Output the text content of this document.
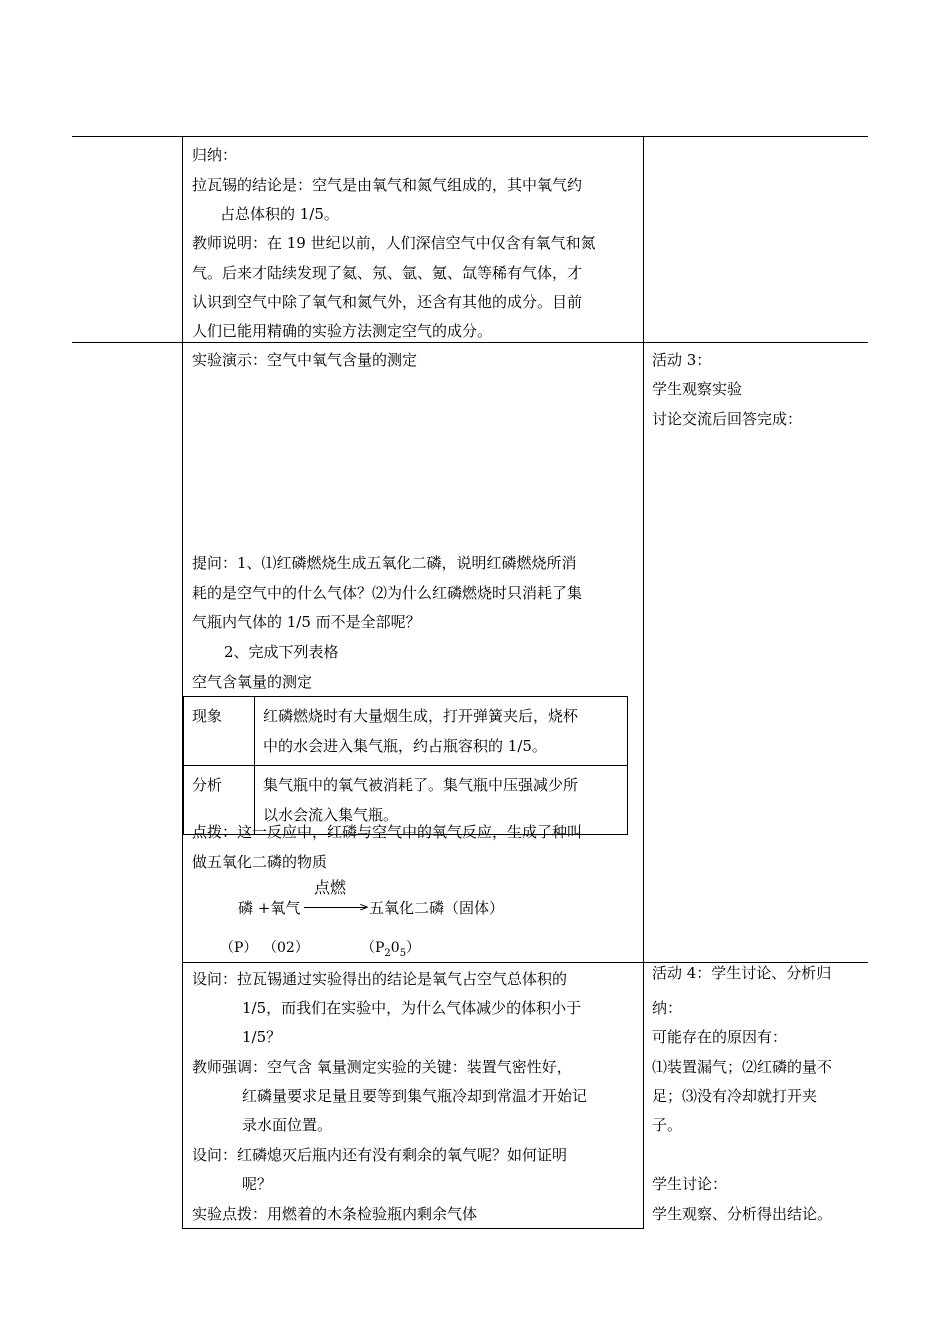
归纳：
拉瓦锡的结论是：空气是由氧气和氮气组成的，其中氧气约
占总体积的 1/5。
教师说明：在 19 世纪以前，人们深信空气中仅含有氧气和氮
气。后来才陆续发现了氦、氖、氩、氪、氙等稀有气体，才
认识到空气中除了氧气和氮气外，还含有其他的成分。目前
人们已能用精确的实验方法测定空气的成分。
实验演示：空气中氧气含量的测定
提问：1、⑴红磷燃烧生成五氧化二磷，说明红磷燃烧所消
耗的是空气中的什么气体？⑵为什么红磷燃烧时只消耗了集
气瓶内气体的 1/5 而不是全部呢？
2、完成下列表格
空气含氧量的测定
现象	红磷燃烧时有大量烟生成，打开弹簧夹后，烧杯
中的水会进入集气瓶，约占瓶容积的 1/5。

分析	集气瓶中的氧气被消耗了。集气瓶中压强减少所
以水会流入集气瓶。
点拨：这一反应中，红磷与空气中的氧气反应，生成了种叫
做五氧化二磷的物质
磷 +氧气
点燃
> 五氧化二磷（固体）
（P） （02）	$(P_20_5)$
活动 3：
学生观察实验
讨论交流后回答完成：
设问：拉瓦锡通过实验得出的结论是氧气占空气总体积的
1/5，而我们在实验中，为什么气体减少的体积小于
1/5？
教师强调：空气含 氧量测定实验的关键：装置气密性好，
红磷量要求足量且要等到集气瓶冷却到常温才开始记
录水面位置。
设问：红磷熄灭后瓶内还有没有剩余的氧气呢？如何证明
呢？
实验点拨：用燃着的木条检验瓶内剩余气体
活动 4：学生讨论、分析归
纳：
可能存在的原因有：
⑴装置漏气；⑵红磷的量不
足；⑶没有冷却就打开夹
子。
学生讨论：
学生观察、分析得出结论。
